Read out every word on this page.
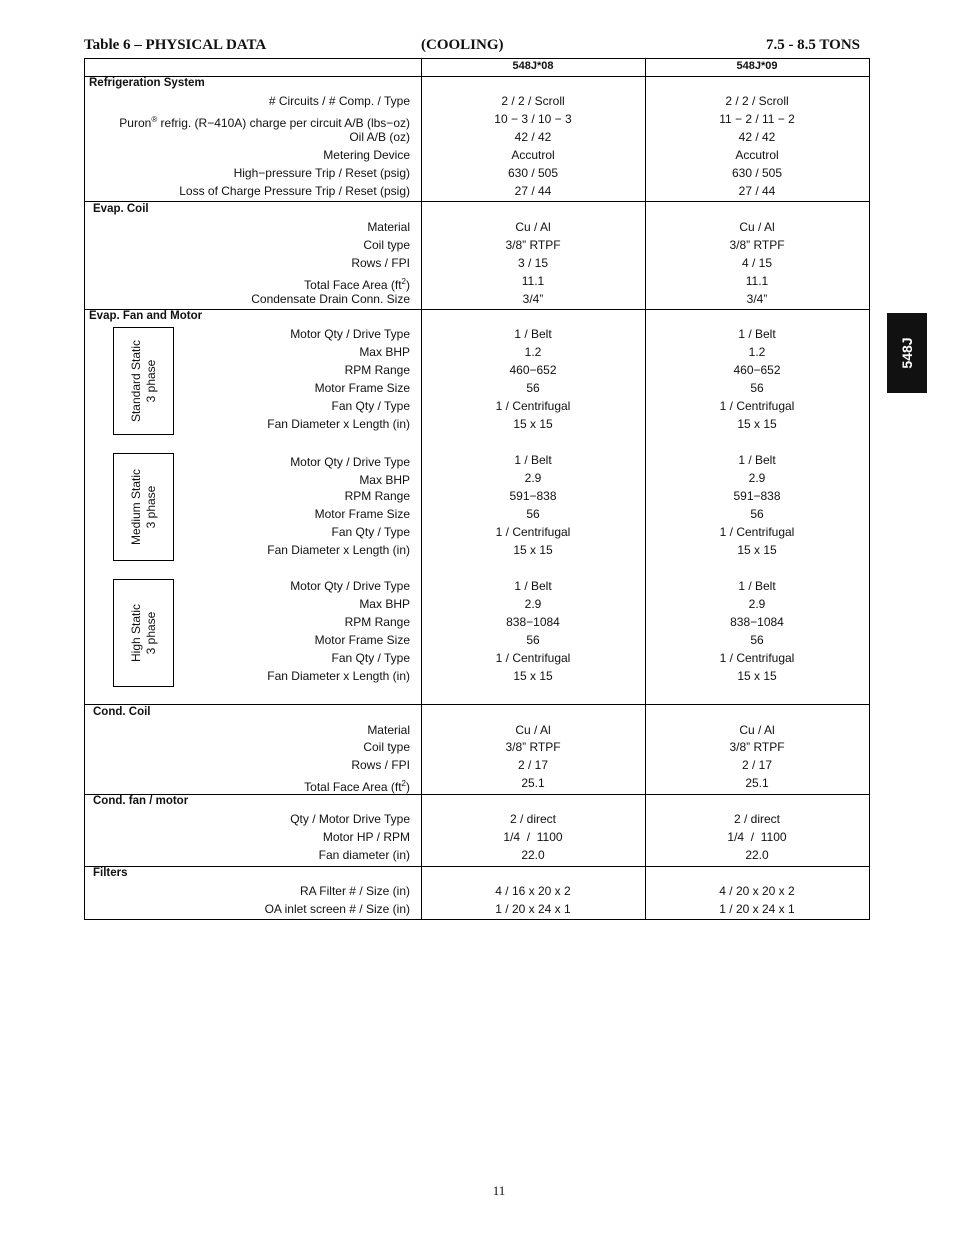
Table 6 – PHYSICAL DATA	(COOLING)	7.5 - 8.5 TONS
548J*08	548J*09
Refrigeration System
# Circuits / # Comp. / Type	2 / 2 / Scroll	2 / 2 / Scroll
Puron® refrig. (R−410A) charge per circuit A/B (lbs−oz)	10 − 3 / 10 − 3	11 − 2 / 11 − 2
Oil A/B (oz)	42 / 42	42 / 42
Metering Device	Accutrol	Accutrol
High−pressure Trip / Reset (psig)	630 / 505	630 / 505
Loss of Charge Pressure Trip / Reset (psig)	27 / 44	27 / 44
Evap. Coil
Material	Cu / Al	Cu / Al
Coil type	3/8” RTPF	3/8” RTPF
Rows / FPI	3 / 15	4 / 15
Total Face Area $(ft^2)$	11.1	11.1
Condensate Drain Conn. Size	3/4”	3/4”
Evap. Fan and Motor
Standard Static 3 phase
Motor Qty / Drive Type	1 / Belt	1 / Belt
Max BHP	1.2	1.2
RPM Range	460−652	460−652
Motor Frame Size	56	56
Fan Qty / Type	1 / Centrifugal	1 / Centrifugal
Fan Diameter x Length (in)	15 x 15	15 x 15
Medium Static 3 phase
Motor Qty / Drive Type	1 / Belt	1 / Belt
Max BHP	2.9	2.9
RPM Range	591−838	591−838
Motor Frame Size	56	56
Fan Qty / Type	1 / Centrifugal	1 / Centrifugal
Fan Diameter x Length (in)	15 x 15	15 x 15
High Static 3 phase
Motor Qty / Drive Type	1 / Belt	1 / Belt
Max BHP	2.9	2.9
RPM Range	838−1084	838−1084
Motor Frame Size	56	56
Fan Qty / Type	1 / Centrifugal	1 / Centrifugal
Fan Diameter x Length (in)	15 x 15	15 x 15
Cond. Coil
Material	Cu / Al	Cu / Al
Coil type	3/8” RTPF	3/8” RTPF
Rows / FPI	2 / 17	2 / 17
Total Face Area $(ft^2)$	25.1	25.1
Cond. fan / motor
Qty / Motor Drive Type	2 / direct	2 / direct
Motor HP / RPM	1/4  /  1100	1/4  /  1100
Fan diameter (in)	22.0	22.0
Filters
RA Filter # / Size (in)	4 / 16 x 20 x 2	4 / 20 x 20 x 2
OA inlet screen # / Size (in)	1 / 20 x 24 x 1	1 / 20 x 24 x 1
548J
11
